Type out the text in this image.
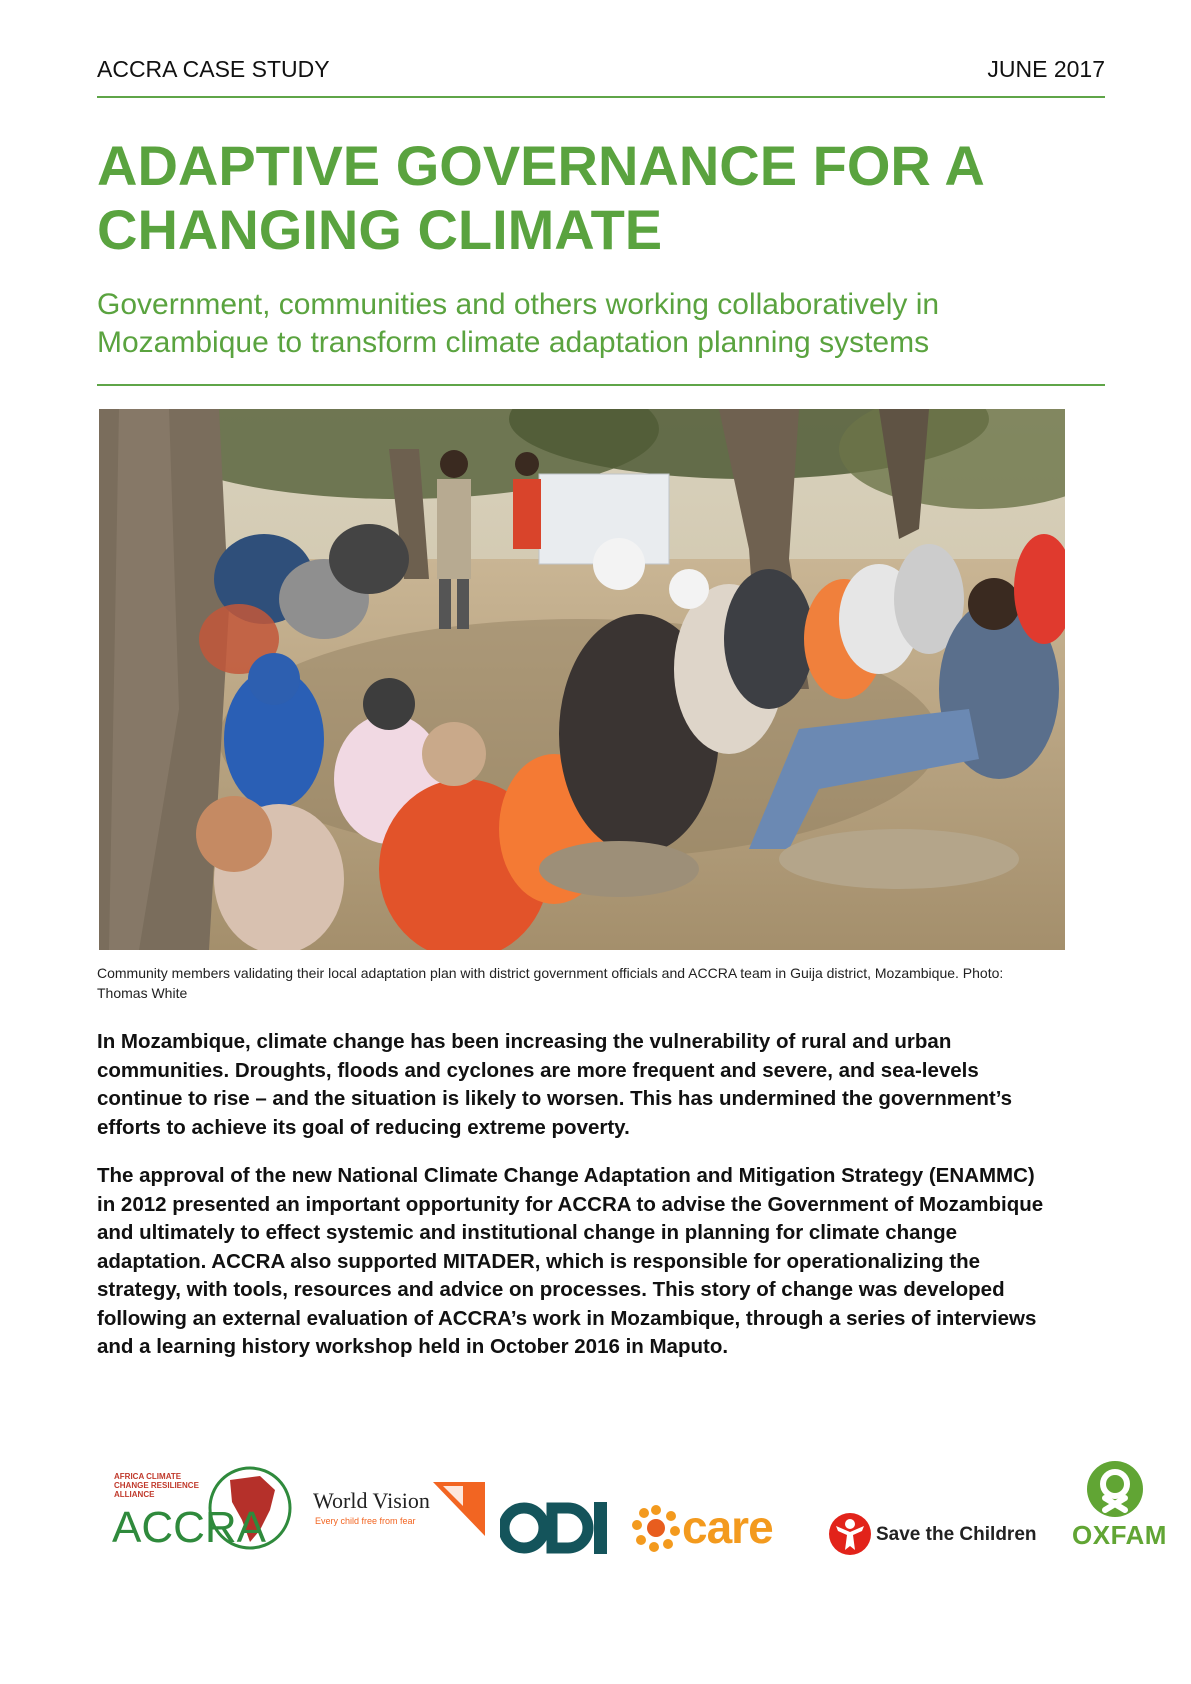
ACCRA CASE STUDY	JUNE 2017
ADAPTIVE GOVERNANCE FOR A CHANGING CLIMATE

Government, communities and others working collaboratively in Mozambique to transform climate adaptation planning systems

Community members validating their local adaptation plan with district government officials and ACCRA team in Guija district, Mozambique. Photo: Thomas White

In Mozambique, climate change has been increasing the vulnerability of rural and urban communities. Droughts, floods and cyclones are more frequent and severe, and sea-levels continue to rise – and the situation is likely to worsen. This has undermined the government’s efforts to achieve its goal of reducing extreme poverty.

The approval of the new National Climate Change Adaptation and Mitigation Strategy (ENAMMC) in 2012 presented an important opportunity for ACCRA to advise the Government of Mozambique and ultimately to effect systemic and institutional change in planning for climate change adaptation. ACCRA also supported MITADER, which is responsible for operationalizing the strategy, with tools, resources and advice on processes. This story of change was developed following an external evaluation of ACCRA’s work in Mozambique, through a series of interviews and a learning history workshop held in October 2016 in Maputo.

AFRICA CLIMATE CHANGE RESILIENCE ALLIANCE
ACCRA
World Vision
Every child free from fear	care	Save the Children OXFAM
